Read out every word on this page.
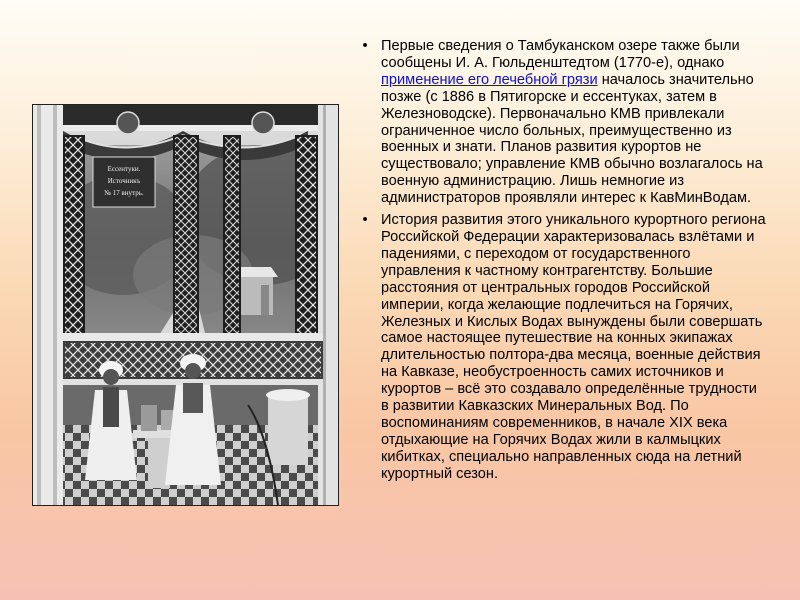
Ессентуки.
Источникъ
№ 17 внутрь.
• Первые сведения о Тамбуканском озере также были сообщены И. А. Гюльденштедтом (1770-е), однако применение его лечебной грязи началось значительно позже (с 1886 в Пятигорске и ессентуках, затем в Железноводске). Первоначально КМВ привлекали ограниченное число больных, преимущественно из военных и знати. Планов развития курортов не существовало; управление КМВ обычно возлагалось на военную администрацию. Лишь немногие из администраторов проявляли интерес к КавМинВодам.
• История развития этого уникального курортного региона Российской Федерации характеризовалась взлётами и падениями, с переходом от государственного управления к частному контрагентству. Большие расстояния от центральных городов Российской империи, когда желающие подлечиться на Горячих, Железных и Кислых Водах вынуждены были совершать самое настоящее путешествие на конных экипажах длительностью полтора-два месяца, военные действия на Кавказе, необустроенность самих источников и курортов – всё это создавало определённые трудности в развитии Кавказских Минеральных Вод. По воспоминаниям современников, в начале XIX века отдыхающие на Горячих Водах жили в калмыцких кибитках, специально направленных сюда на летний курортный сезон.
